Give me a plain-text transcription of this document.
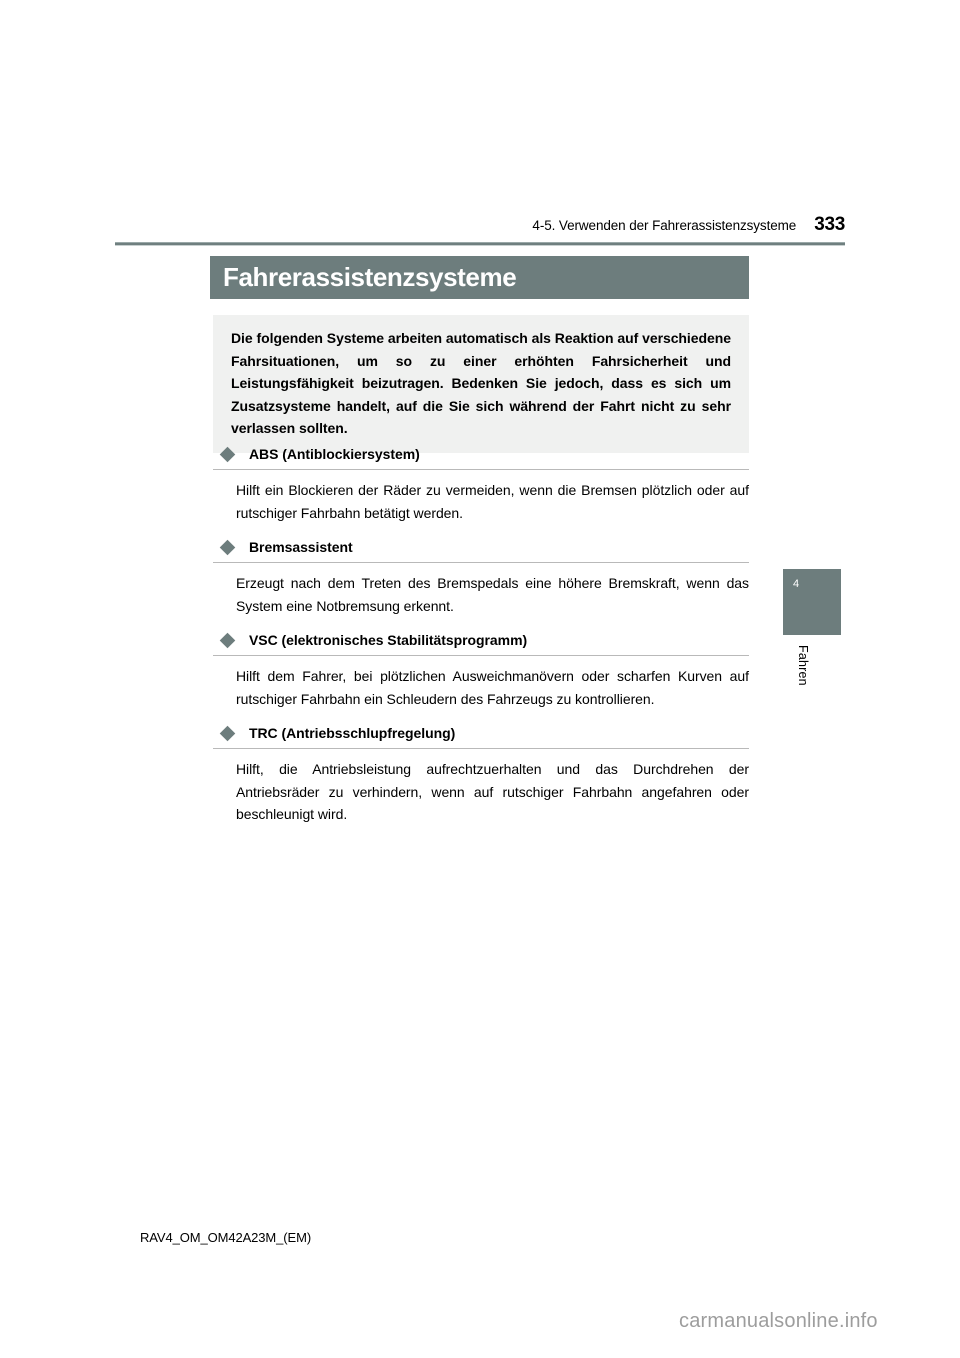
4-5. Verwenden der Fahrerassistenzsysteme 333
Fahrerassistenzsysteme

Die folgenden Systeme arbeiten automatisch als Reaktion auf verschiedene Fahrsituationen, um so zu einer erhöhten Fahrsicherheit und Leistungsfähigkeit beizutragen. Bedenken Sie jedoch, dass es sich um Zusatzsysteme handelt, auf die Sie sich während der Fahrt nicht zu sehr verlassen sollten.

ABS (Antiblockiersystem)

Hilft ein Blockieren der Räder zu vermeiden, wenn die Bremsen plötzlich oder auf rutschiger Fahrbahn betätigt werden.

Bremsassistent

Erzeugt nach dem Treten des Bremspedals eine höhere Bremskraft, wenn das System eine Notbremsung erkennt.

VSC (elektronisches Stabilitätsprogramm)

Hilft dem Fahrer, bei plötzlichen Ausweichmanövern oder scharfen Kurven auf rutschiger Fahrbahn ein Schleudern des Fahrzeugs zu kontrollieren.

TRC (Antriebsschlupfregelung)

Hilft, die Antriebsleistung aufrechtzuerhalten und das Durchdrehen der Antriebsräder zu verhindern, wenn auf rutschiger Fahrbahn angefahren oder beschleunigt wird.

4
Fahren
RAV4_OM_OM42A23M_(EM)
carmanualsonline.info
